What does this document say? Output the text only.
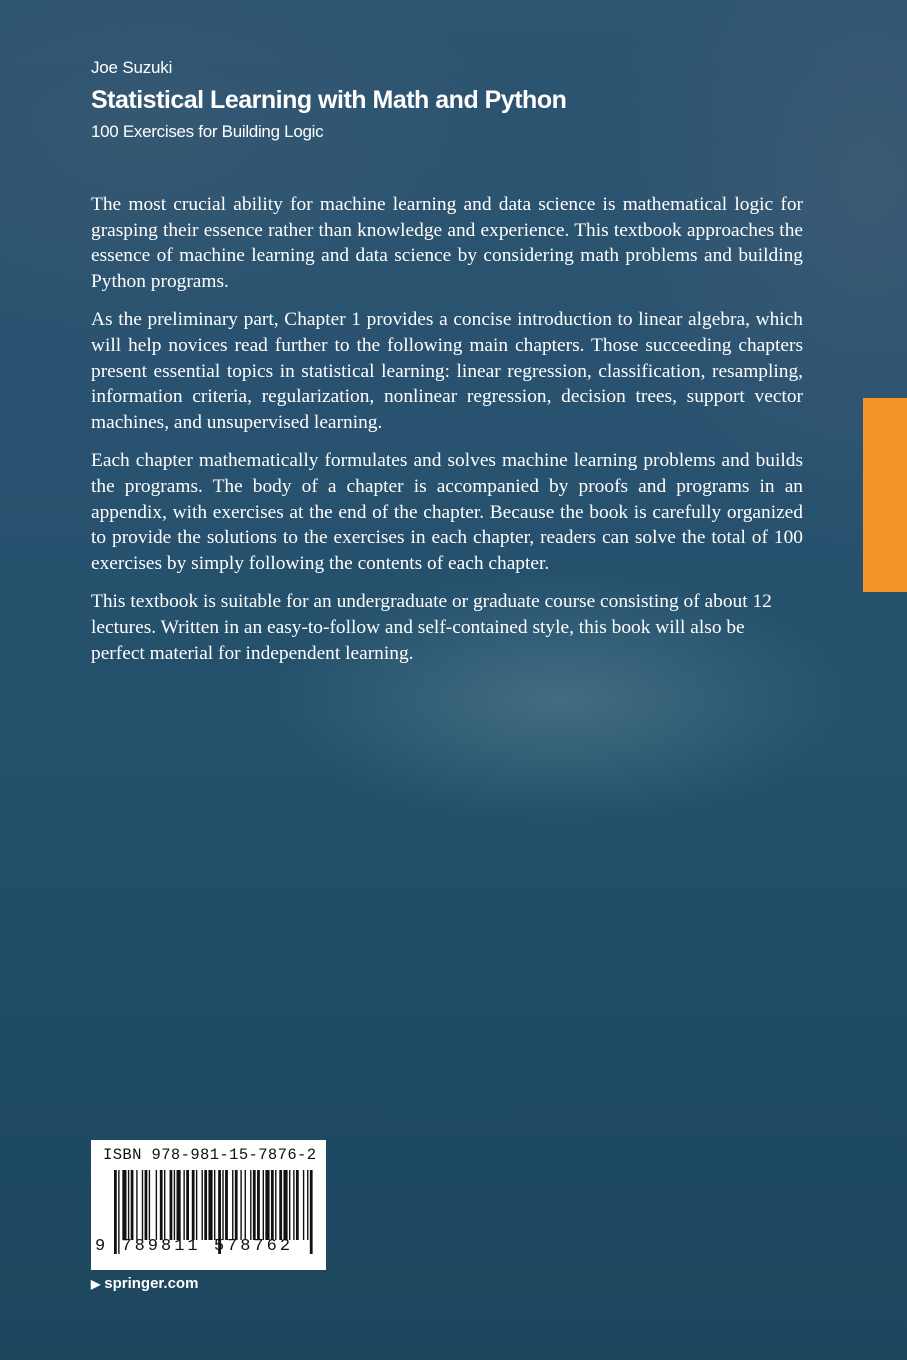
Joe Suzuki
Statistical Learning with Math and Python
100 Exercises for Building Logic

The most crucial ability for machine learning and data science is mathematical logic for grasping their essence rather than knowledge and experience. This textbook approaches the essence of machine learning and data science by considering math problems and building Python programs.

As the preliminary part, Chapter 1 provides a concise introduction to linear algebra, which will help novices read further to the following main chapters. Those succeeding chapters present essential topics in statistical learning: linear regression, classification, resampling, information criteria, regularization, nonlinear regression, decision trees, support vector machines, and unsupervised learning.

Each chapter mathematically formulates and solves machine learning problems and builds the programs. The body of a chapter is accompanied by proofs and programs in an appendix, with exercises at the end of the chapter. Because the book is carefully organized to provide the solutions to the exercises in each chapter, readers can solve the total of 100 exercises by simply following the contents of each chapter.

This textbook is suitable for an undergraduate or graduate course consisting of about 12 lectures. Written in an easy-to-follow and self-contained style, this book will also be perfect material for independent learning.

ISBN 978-981-15-7876-2
9 789811 578762
▶ springer.com
